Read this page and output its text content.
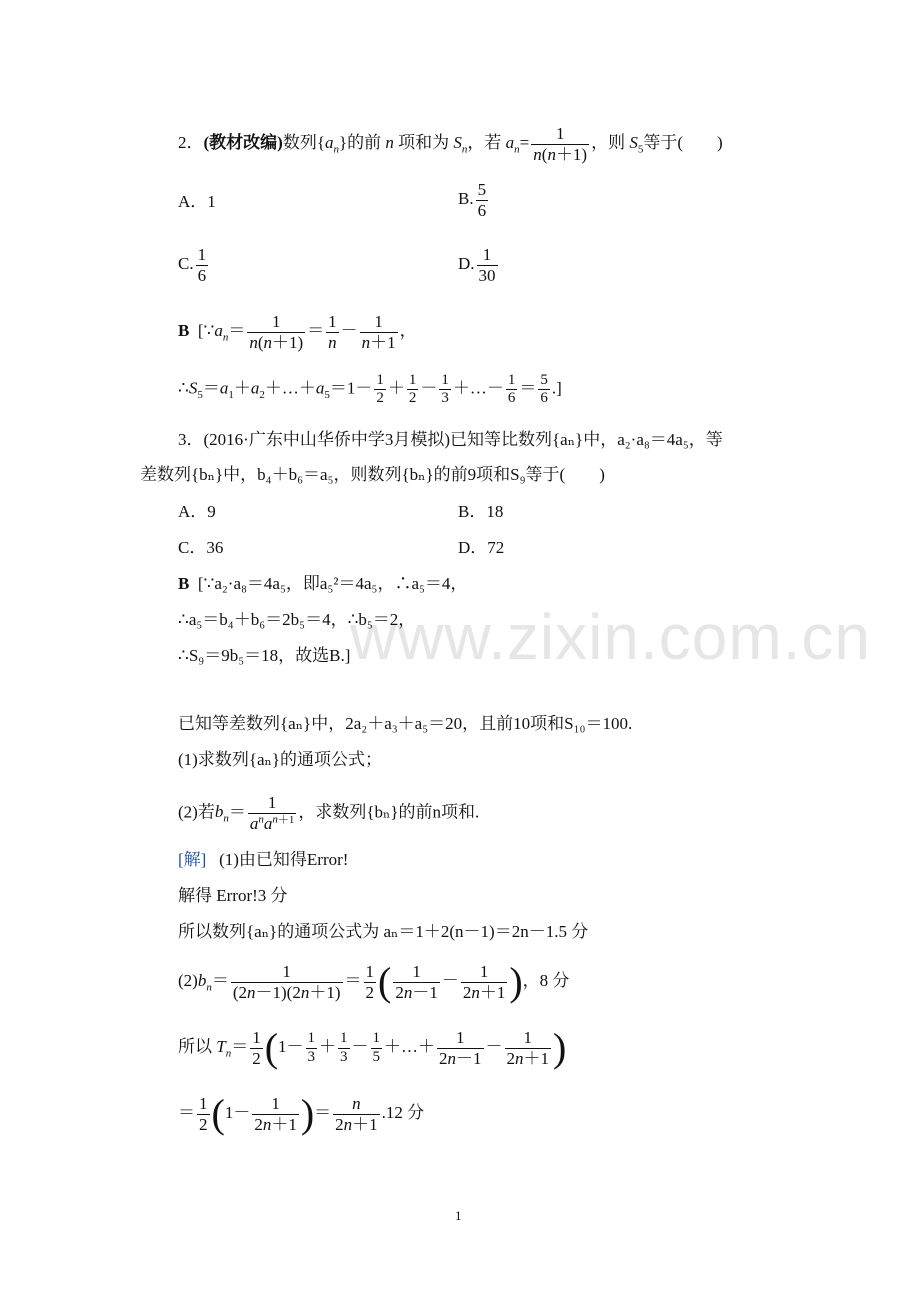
www.zixin.com.cn
2．(教材改编)数列$\{a_n\}$的前 n 项和为 $S_n$，若 $a_n= \frac{1}{n(n+1)}$ ，则 $S_5$等于(　　)
A．1	B. $\frac{5}{6}$
C. $\frac{1}{6}$	D. $\frac{1}{30}$
B [$\because a_n= \frac{1}{n(n+1)} = \frac{1}{n} - \frac{1}{n+1}$ ，
$\therefore S_5=a_1+a_2+\dots+a_5=1- \frac{1}{2} + \frac{1}{2} - \frac{1}{3}$ ＋…－ $\frac{1}{6} = \frac{5}{6}$ .]
3．(2016·广东中山华侨中学3月模拟)已知等比数列{aₙ}中，a₂·a₈＝4a₅，等
差数列{bₙ}中，b₄＋b₆＝a₅，则数列{bₙ}的前9项和S₉等于(　　)
A．9	B．18
C．36	D．72
B [∵a₂·a₈＝4a₅，即a₅²＝4a₅，∴a₅＝4，
∴a₅＝b₄＋b₆＝2b₅＝4，∴b₅＝2，
∴S₉＝9b₅＝18，故选B.]
已知等差数列{aₙ}中，2a₂＋a₃＋a₅＝20，且前10项和S₁₀＝100.
(1)求数列{aₙ}的通项公式；
(2)若$b_n= \frac{1}{a^na^{n+1}}$ ，求数列{bₙ}的前n项和.
[解] (1)由已知得Error!
解得 Error!3 分
所以数列{aₙ}的通项公式为 aₙ＝1＋2(n－1)＝2n－1.5 分
$(2)b_n= \frac{1}{(2n-1)(2n+1)} = \frac{1}{2}$ ( $\frac{1}{2n-1} - \frac{1}{2n+1}$ )，8 分
所以 $T_n= \frac{1}{2} (1- \frac{1}{3} + \frac{1}{3} - \frac{1}{5}$ ＋…＋ $\frac{1}{2n-1} - \frac{1}{2n+1}$ )
＝ $\frac{1}{2} (1- \frac{1}{2n+1}$ )＝ $\frac{n}{2n+1} .12$ 分
1
